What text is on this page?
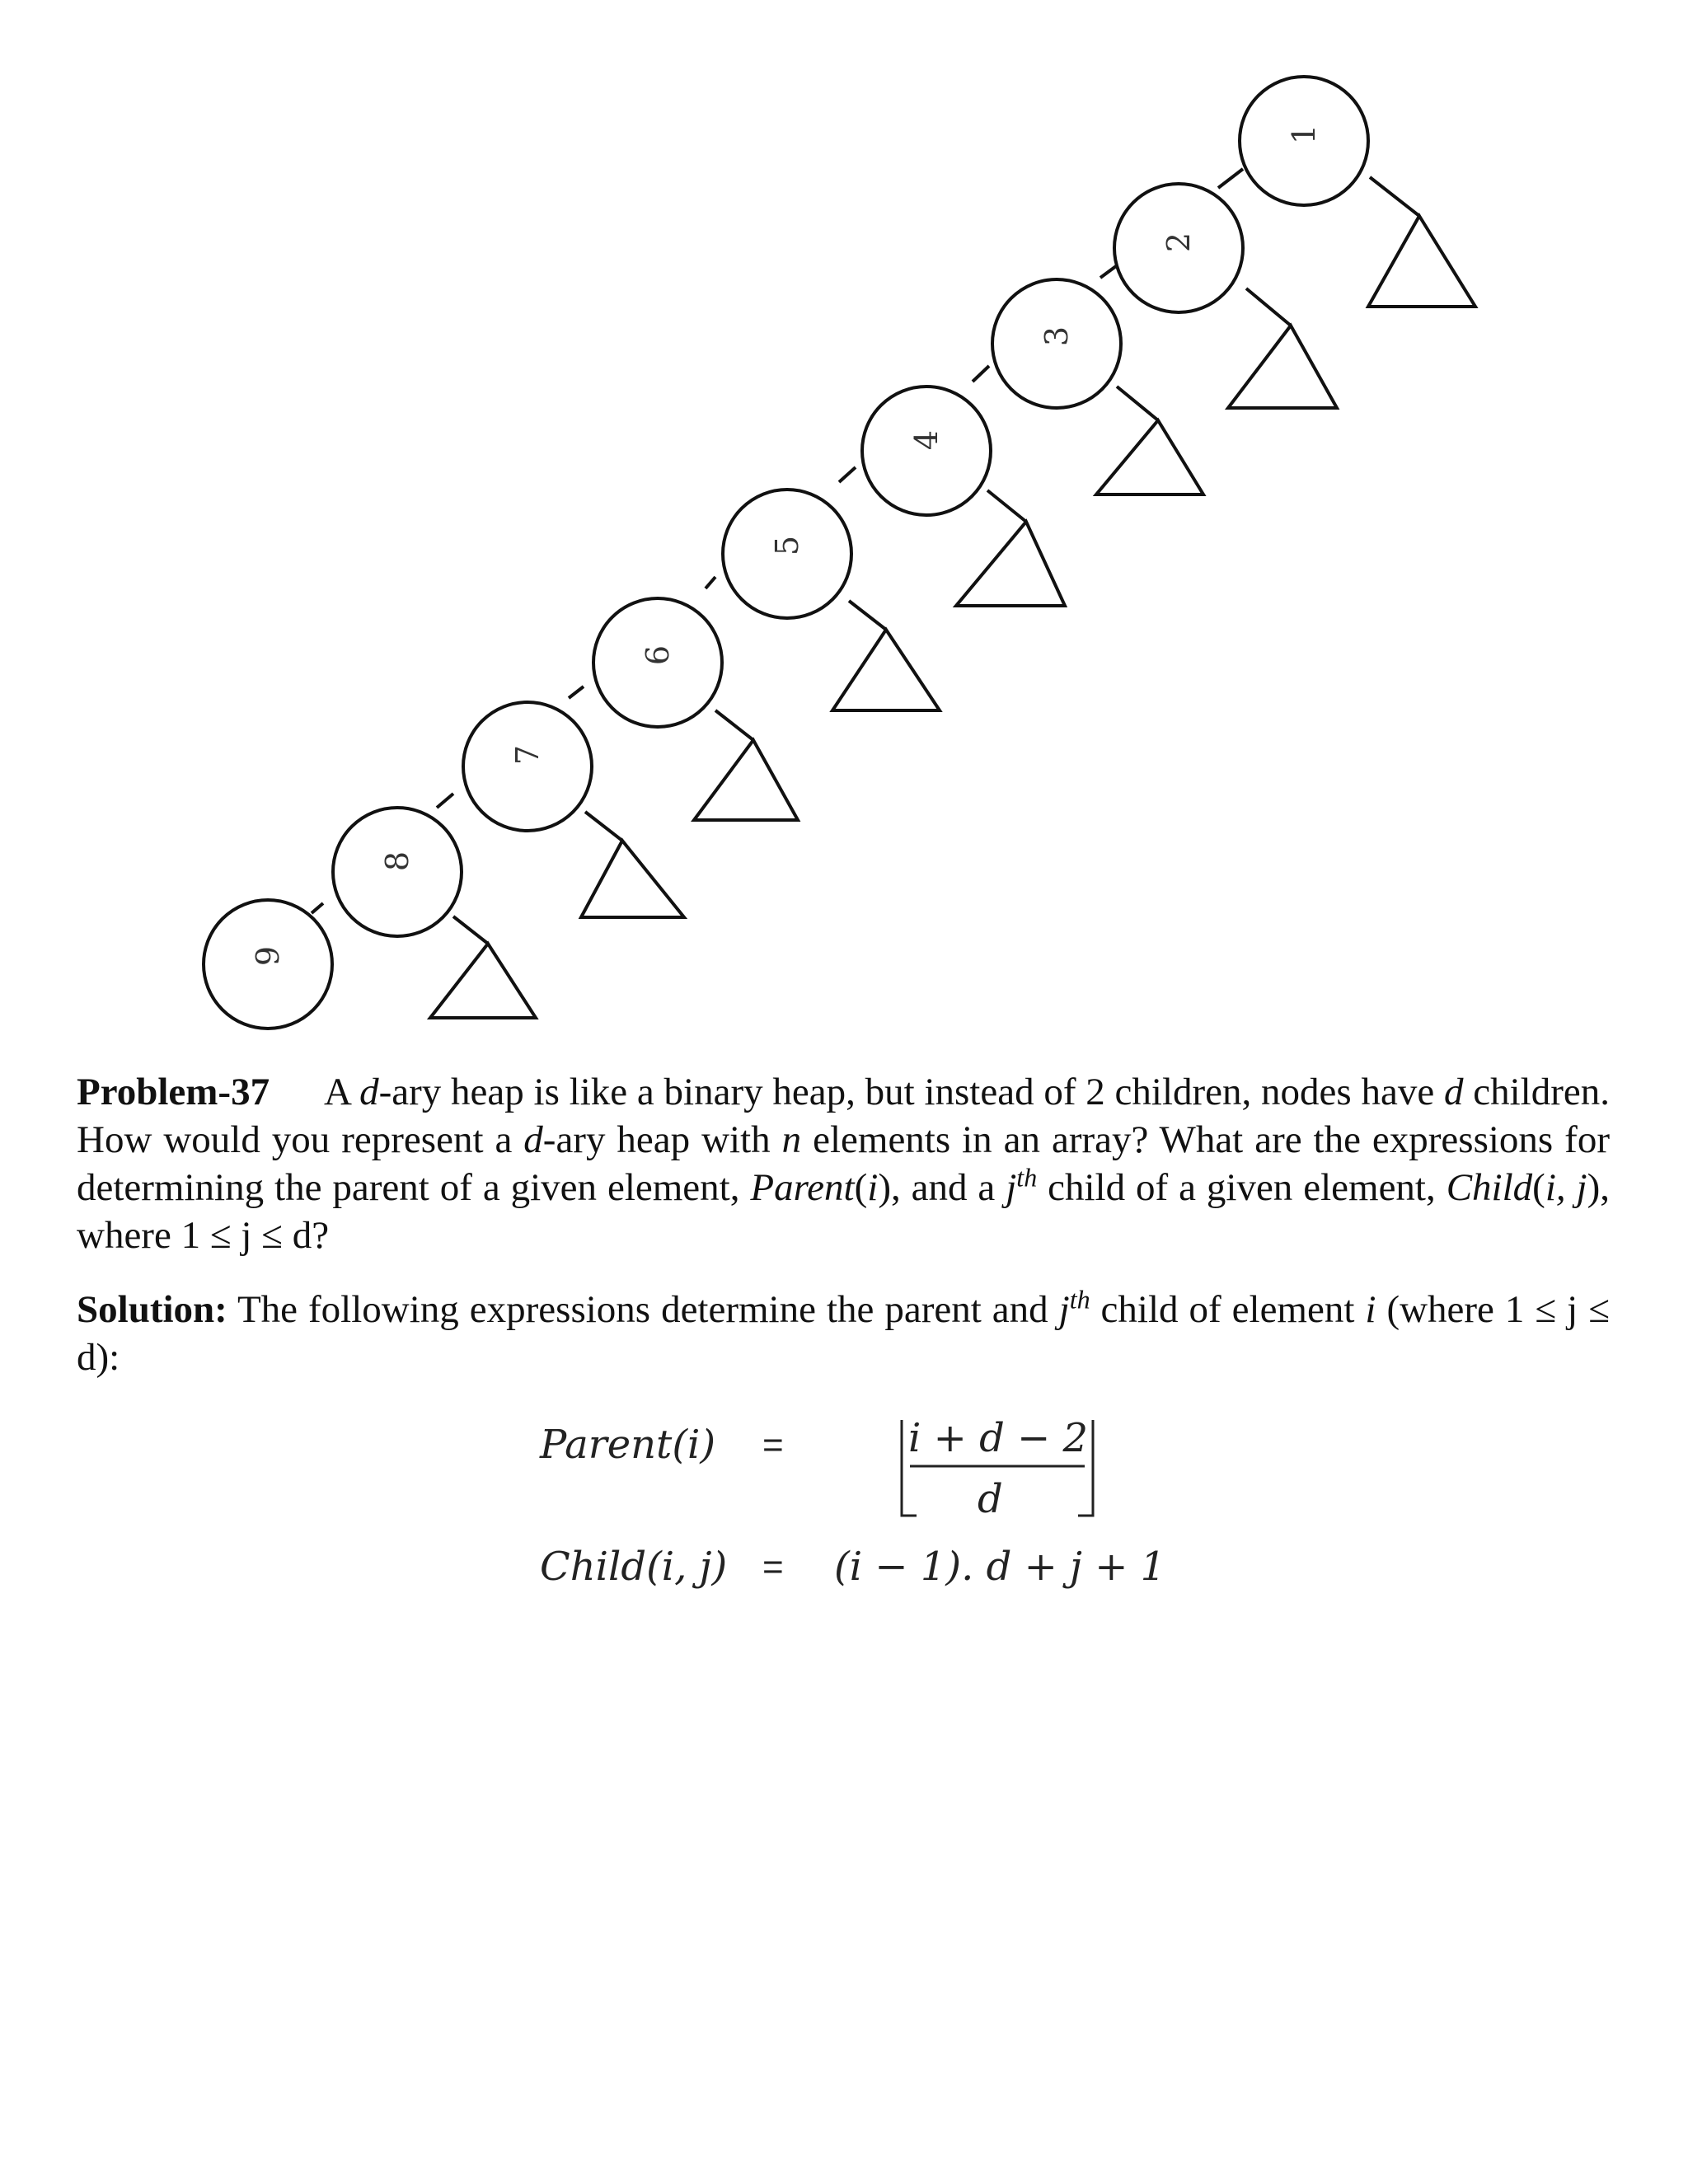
1
2
3
4
5
6
7
8
9
Problem-37 A d-ary heap is like a binary heap, but instead of 2 children, nodes have d children. How would you represent a d-ary heap with n elements in an array? What are the expressions for determining the parent of a given element, Parent(i), and a $j^{th}$ child of a given element, Child(i, j), where 1 ≤ j ≤ d?
Solution: The following expressions determine the parent and $j^{th}$ child of element i (where 1 ≤ j ≤ d):
Parent(i) =	i + d − 2
d
Child(i, j) = (i − 1). d + j + 1
